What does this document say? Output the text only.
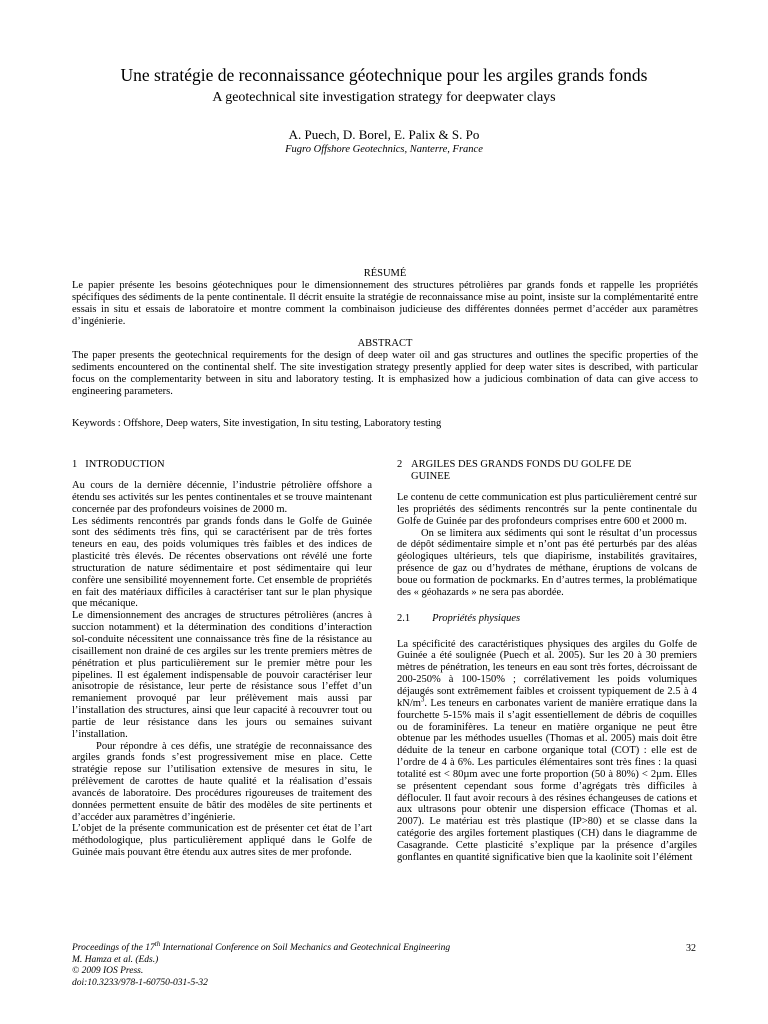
Une stratégie de reconnaissance géotechnique pour les argiles grands fonds
A geotechnical site investigation strategy for deepwater clays
A. Puech, D. Borel, E. Palix & S. Po
Fugro Offshore Geotechnics, Nanterre, France
RÉSUMÉ
Le papier présente les besoins géotechniques pour le dimensionnement des structures pétrolières par grands fonds et rappelle les propriétés spécifiques des sédiments de la pente continentale. Il décrit ensuite la stratégie de reconnaissance mise au point, insiste sur la complémentarité entre essais in situ et essais de laboratoire et montre comment la combinaison judicieuse des différentes données permet d’accéder aux paramètres d’ingénierie.
ABSTRACT
The paper presents the geotechnical requirements for the design of deep water oil and gas structures and outlines the specific properties of the sediments encountered on the continental shelf. The site investigation strategy presently applied for deep water sites is described, with particular focus on the complementarity between in situ and laboratory testing. It is emphasized how a judicious combination of data can give access to engineering parameters.
Keywords : Offshore, Deep waters, Site investigation, In situ testing, Laboratory testing
1 INTRODUCTION

Au cours de la dernière décennie, l’industrie pétrolière offshore a étendu ses activités sur les pentes continentales et se trouve maintenant concernée par des profondeurs voisines de 2000 m.

Les sédiments rencontrés par grands fonds dans le Golfe de Guinée sont des sédiments très fins, qui se caractérisent par de très fortes teneurs en eau, des poids volumiques très faibles et des indices de plasticité très élevés. De récentes observations ont révélé une forte structuration de nature sédimentaire et post sédimentaire qui leur confère une sensibilité moyennement forte. Cet ensemble de propriétés en fait des matériaux difficiles à caractériser tant sur le plan physique que mécanique.

Le dimensionnement des ancrages de structures pétrolières (ancres à succion notamment) et la détermination des conditions d’interaction sol-conduite nécessitent une connaissance très fine de la résistance au cisaillement non drainé de ces argiles sur les trente premiers mètres de pénétration et plus particulièrement sur le premier mètre pour les pipelines. Il est également indispensable de pouvoir caractériser leur anisotropie de résistance, leur perte de résistance sous l’effet d’un remaniement provoqué par leur prélèvement mais aussi par l’installation des structures, ainsi que leur capacité à recouvrer tout ou partie de leur résistance dans les jours ou semaines suivant l’installation.

Pour répondre à ces défis, une stratégie de reconnaissance des argiles grands fonds s’est progressivement mise en place. Cette stratégie repose sur l’utilisation extensive de mesures in situ, le prélèvement de carottes de haute qualité et la réalisation d’essais avancés de laboratoire. Des procédures rigoureuses de traitement des données permettent ensuite de bâtir des modèles de site pertinents et d’accéder aux paramètres d’ingénierie.

L’objet de la présente communication est de présenter cet état de l’art méthodologique, plus particulièrement appliqué dans le Golfe de Guinée mais pouvant être étendu aux autres sites de mer profonde.

2 ARGILES DES GRANDS FONDS DU GOLFE DE
GUINEE

Le contenu de cette communication est plus particulièrement centré sur les propriétés des sédiments rencontrés sur la pente continentale du Golfe de Guinée par des profondeurs comprises entre 600 et 2000 m.

On se limitera aux sédiments qui sont le résultat d’un processus de dépôt sédimentaire simple et n’ont pas été perturbés par des aléas géologiques ultérieurs, tels que diapirisme, instabilités gravitaires, présence de gaz ou d’hydrates de méthane, éruptions de volcans de boue ou formation de pockmarks. En d’autres termes, la problématique des « géohazards » ne sera pas abordée.

2.1 Propriétés physiques

La spécificité des caractéristiques physiques des argiles du Golfe de Guinée a été soulignée (Puech et al. 2005). Sur les 20 à 30 premiers mètres de pénétration, les teneurs en eau sont très fortes, décroissant de 200-250% à 100-150% ; corrélativement les poids volumiques déjaugés sont extrêmement faibles et croissent typiquement de 2.5 à 4 $kN/m^3$. Les teneurs en carbonates varient de manière erratique dans la fourchette 5-15% mais il s’agit essentiellement de débris de coquilles ou de foraminifères. La teneur en matière organique ne peut être obtenue par les méthodes usuelles (Thomas et al. 2005) mais doit être déduite de la teneur en carbone organique total (COT) : elle est de l’ordre de 4 à 6%. Les particules élémentaires sont très fines : la quasi totalité est < 80µm avec une forte proportion (50 à 80%) < 2µm. Elles se présentent cependant sous forme d’agrégats très difficiles à défloculer. Il faut avoir recours à des résines échangeuses de cations et aux ultrasons pour obtenir une dispersion efficace (Thomas et al. 2007). Le matériau est très plastique (IP>80) et se classe dans la catégorie des argiles fortement plastiques (CH) dans le diagramme de Casagrande. Cette plasticité s’explique par la présence d’argiles gonflantes en quantité significative bien que la kaolinite soit l’élément

Proceedings of the 17th International Conference on Soil Mechanics and Geotechnical Engineering
M. Hamza et al. (Eds.)
© 2009 IOS Press.
doi:10.3233/978-1-60750-031-5-32
32
